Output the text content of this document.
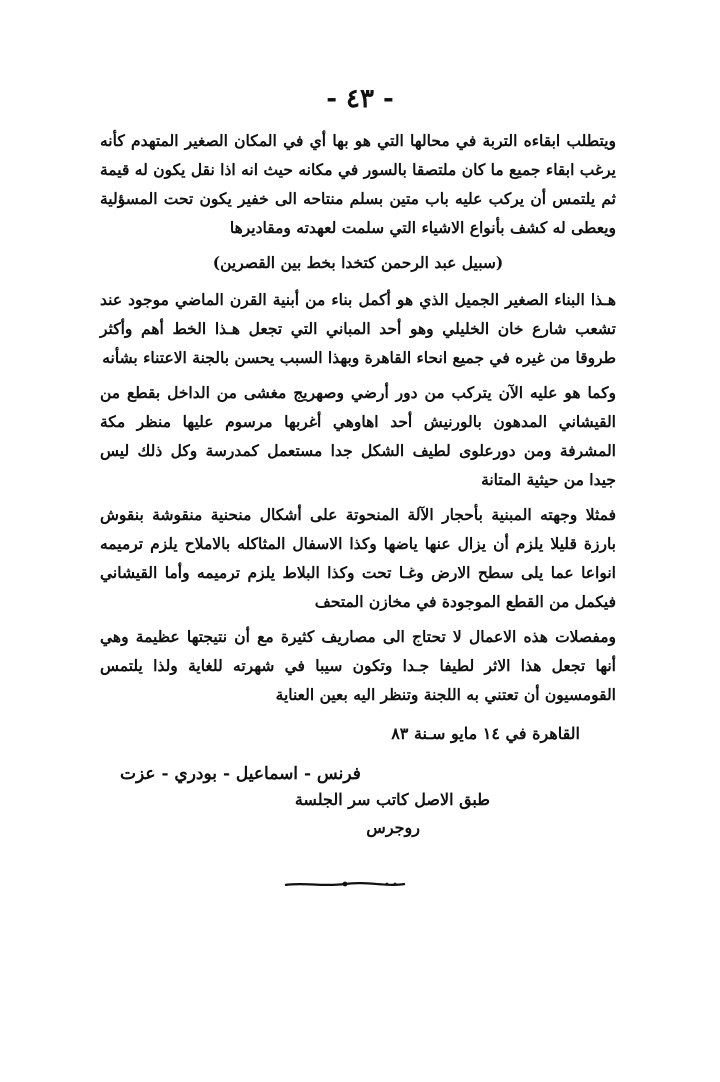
- ٤٣ -

ويتطلب ابقاءه التربة في محالها التي هو بها أي في المكان الصغير المتهدم كأنه يرغب ابقاء جميع ما كان ملتصقا بالسور في مكانه حيث انه اذا نقل يكون له قيمة ثم يلتمس أن يركب عليه باب متين بسلم منتاحه الى خفير يكون تحت المسؤلية ويعطى له كشف بأنواع الاشياء التي سلمت لعهدته ومقاديرها

(سبيل عبد الرحمن كتخدا بخط بين القصرين)

هـذا البناء الصغير الجميل الذي هو أكمل بناء من أبنية القرن الماضي موجود عند تشعب شارع خان الخليلي وهو أحد المباني التي تجعل هـذا الخط أهم وأكثر طروقا من غيره في جميع انحاء القاهرة وبهذا السبب يحسن بالجنة الاعتناء بشأنه

وكما هو عليه الآن يتركب من دور أرضي وصهريج مغشى من الداخل بقطع من القيشاني المدهون بالورنيش أحد اهاوهي أغربها مرسوم عليها منظر مكة المشرفة ومن دورعلوى لطيف الشكل جدا مستعمل كمدرسة وكل ذلك ليس جيدا من حيثية المتانة

فمثلا وجهته المبنية بأحجار الآلة المنحوتة على أشكال منحنية منقوشة بنقوش بارزة قليلا يلزم أن يزال عنها ياضها وكذا الاسفال المثاكله بالاملاح يلزم ترميمه انواعا عما يلى سطح الارض وغـا تحت وكذا البلاط يلزم ترميمه وأما القيشاني فيكمل من القطع الموجودة في مخازن المتحف

ومفصلات هذه الاعمال لا تحتاج الى مصاريف كثيرة مع أن نتيجتها عظيمة وهي أنها تجعل هذا الاثر لطيفا جـدا وتكون سيبا في شهرته للغاية ولذا يلتمس القومسيون أن تعتني به اللجنة وتنظر اليه بعين العناية

القاهرة في ١٤ مايو سـنة ٨٣
فرنس - اسماعيل - بودري - عزت
طبق الاصل كاتب سر الجلسة
روجرس
